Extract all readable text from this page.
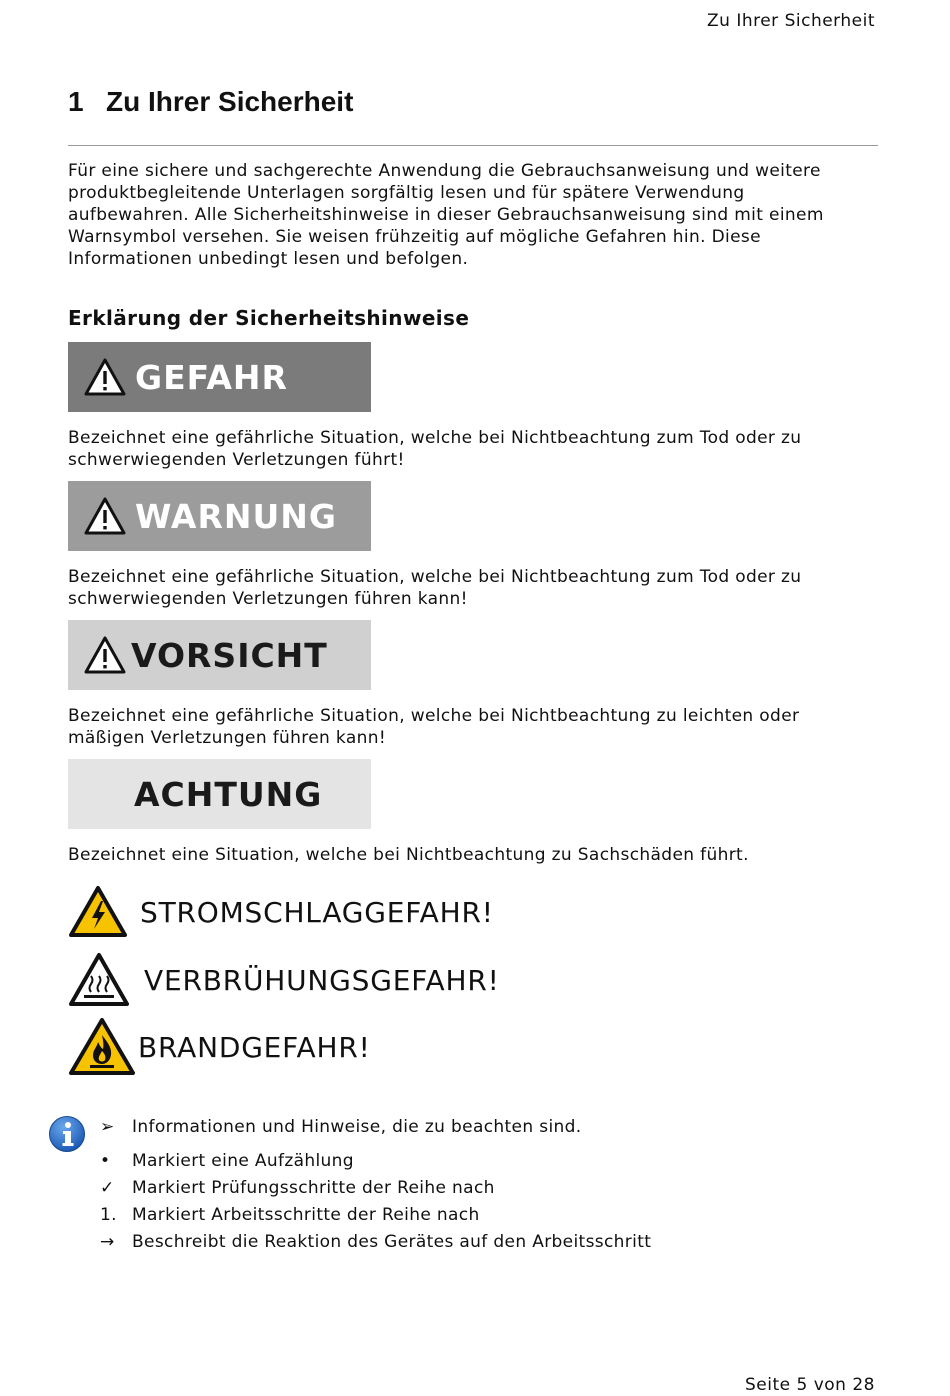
Zu Ihrer Sicherheit
1 Zu Ihrer Sicherheit
Für eine sichere und sachgerechte Anwendung die Gebrauchsanweisung und weitere
produktbegleitende Unterlagen sorgfältig lesen und für spätere Verwendung
aufbewahren. Alle Sicherheitshinweise in dieser Gebrauchsanweisung sind mit einem
Warnsymbol versehen. Sie weisen frühzeitig auf mögliche Gefahren hin. Diese
Informationen unbedingt lesen und befolgen.
Erklärung der Sicherheitshinweise
GEFAHR
Bezeichnet eine gefährliche Situation, welche bei Nichtbeachtung zum Tod oder zu
schwerwiegenden Verletzungen führt!
WARNUNG
Bezeichnet eine gefährliche Situation, welche bei Nichtbeachtung zum Tod oder zu
schwerwiegenden Verletzungen führen kann!
VORSICHT
Bezeichnet eine gefährliche Situation, welche bei Nichtbeachtung zu leichten oder
mäßigen Verletzungen führen kann!
ACHTUNG
Bezeichnet eine Situation, welche bei Nichtbeachtung zu Sachschäden führt.
STROMSCHLAGGEFAHR!
VERBRÜHUNGSGEFAHR!
BRANDGEFAHR!
➢	Informationen und Hinweise, die zu beachten sind.
•	Markiert eine Aufzählung
✓	Markiert Prüfungsschritte der Reihe nach
1. Markiert Arbeitsschritte der Reihe nach
→	Beschreibt die Reaktion des Gerätes auf den Arbeitsschritt
Seite 5 von 28
